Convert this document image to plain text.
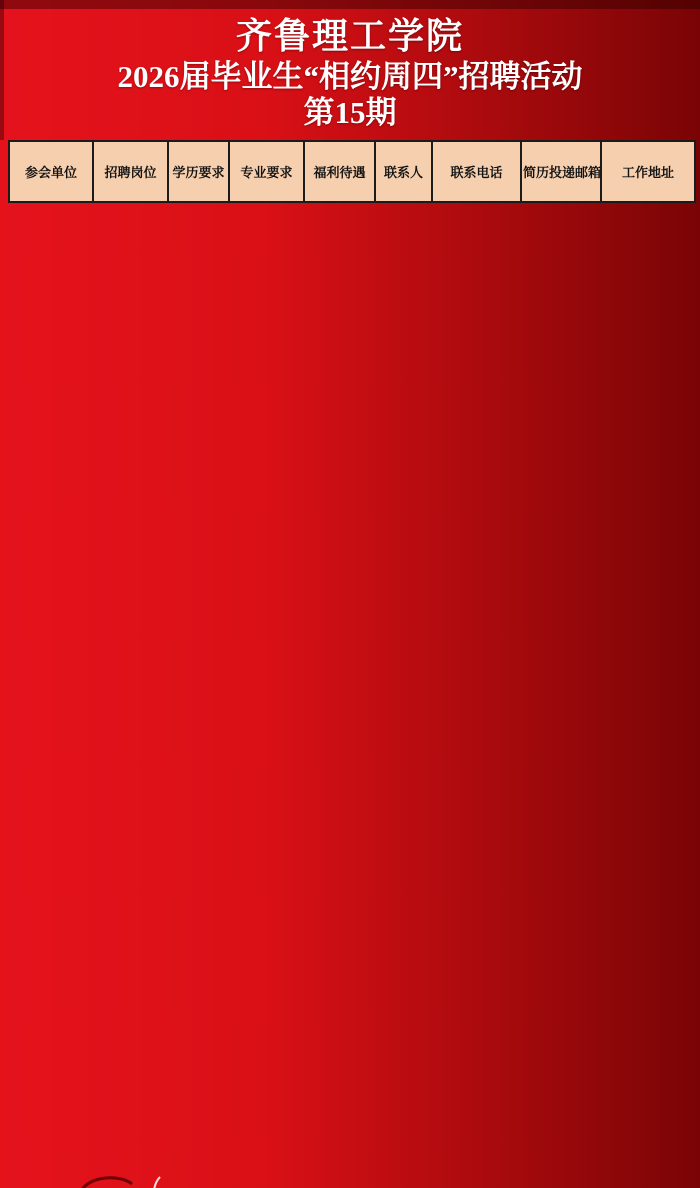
齐鲁理工学院
2026届毕业生“相约周四”招聘活动
第15期
参会单位	招聘岗位	学历要求	专业要求	福利待遇	联系人	联系电话	简历投递邮箱	工作地址
